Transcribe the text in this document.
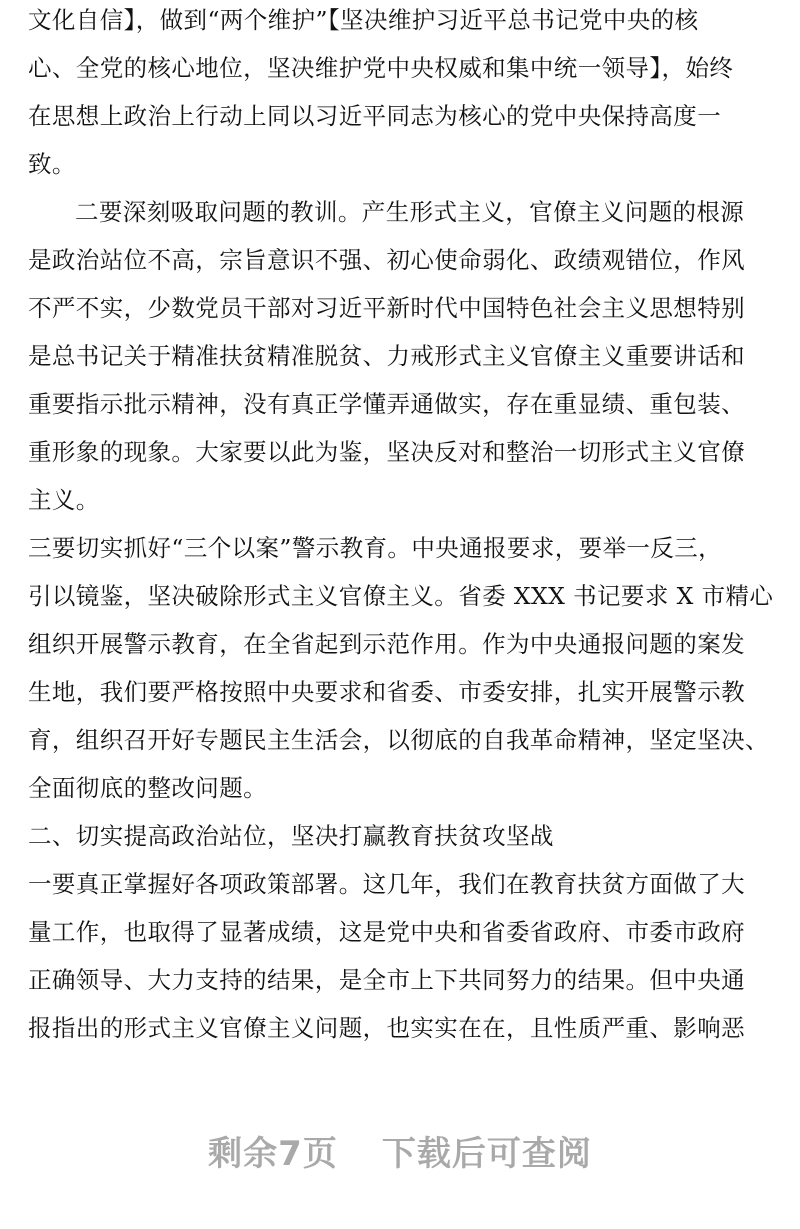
文化自信】，做到“两个维护”【坚决维护习近平总书记党中央的核
心、全党的核心地位，坚决维护党中央权威和集中统一领导】，始终
在思想上政治上行动上同以习近平同志为核心的党中央保持高度一
致。
二要深刻吸取问题的教训。产生形式主义，官僚主义问题的根源
是政治站位不高，宗旨意识不强、初心使命弱化、政绩观错位，作风
不严不实，少数党员干部对习近平新时代中国特色社会主义思想特别
是总书记关于精准扶贫精准脱贫、力戒形式主义官僚主义重要讲话和
重要指示批示精神，没有真正学懂弄通做实，存在重显绩、重包装、
重形象的现象。大家要以此为鉴，坚决反对和整治一切形式主义官僚
主义。
三要切实抓好“三个以案”警示教育。中央通报要求，要举一反三，
引以镜鉴，坚决破除形式主义官僚主义。省委 XXX 书记要求 X 市精心
组织开展警示教育，在全省起到示范作用。作为中央通报问题的案发
生地，我们要严格按照中央要求和省委、市委安排，扎实开展警示教
育，组织召开好专题民主生活会，以彻底的自我革命精神，坚定坚决、
全面彻底的整改问题。
二、切实提高政治站位，坚决打赢教育扶贫攻坚战
一要真正掌握好各项政策部署。这几年，我们在教育扶贫方面做了大
量工作，也取得了显著成绩，这是党中央和省委省政府、市委市政府
正确领导、大力支持的结果，是全市上下共同努力的结果。但中央通
报指出的形式主义官僚主义问题，也实实在在，且性质严重、影响恶
剩余7页 下载后可查阅
